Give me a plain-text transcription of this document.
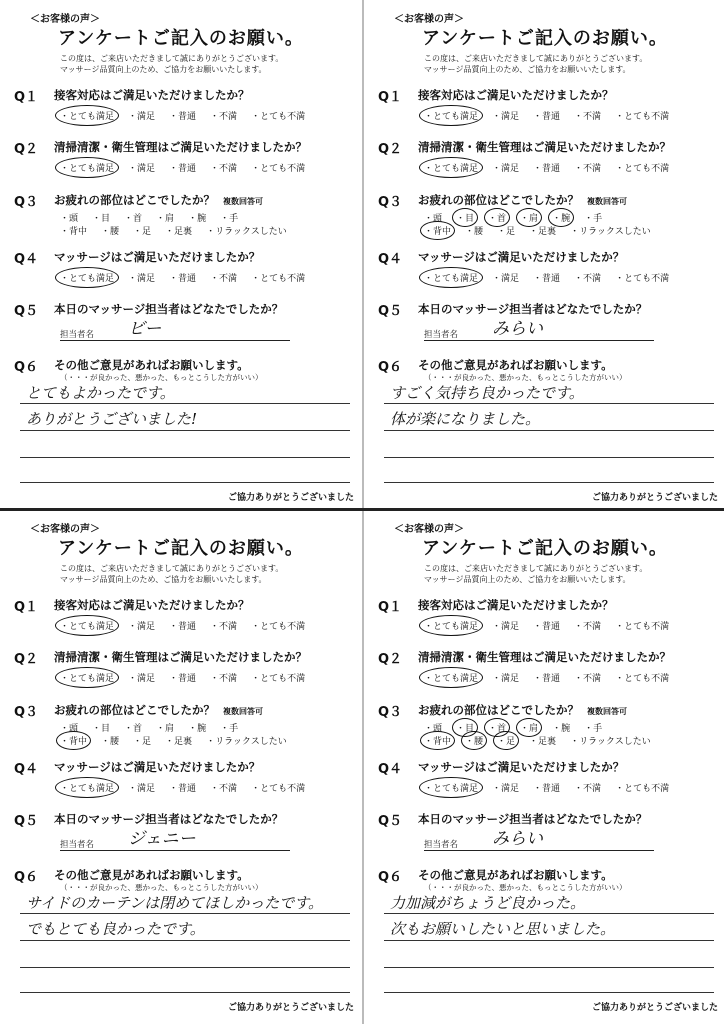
＜お客様の声＞
アンケートご記入のお願い。
この度は、ご来店いただきまして誠にありがとうございます。
マッサージ品質向上のため、ご協力をお願いいたします。
Q１ 接客対応はご満足いただけましたか？
・とても満足 ・満足 ・普通 ・不満 ・とても不満
Q２ 清掃清潔・衛生管理はご満足いただけましたか？
・とても満足 ・満足 ・普通 ・不満 ・とても不満
Q３ お疲れの部位はどこでしたか？ 複数回答可
・頭 ・目 ・首 ・肩 ・腕 ・手
・背中 ・腰 ・足 ・足裏 ・リラックスしたい
Q４ マッサージはご満足いただけましたか？
・とても満足 ・満足 ・普通 ・不満 ・とても不満
Q５ 本日のマッサージ担当者はどなたでしたか？
担当者名 ビー
Q６ その他ご意見があればお願いします。
（・・・が良かった、悪かった、もっとこうした方がいい）
とてもよかったです。
ありがとうございました!
ご協力ありがとうございました
＜お客様の声＞
アンケートご記入のお願い。
この度は、ご来店いただきまして誠にありがとうございます。
マッサージ品質向上のため、ご協力をお願いいたします。
Q１ 接客対応はご満足いただけましたか？
・とても満足 ・満足 ・普通 ・不満 ・とても不満
Q２ 清掃清潔・衛生管理はご満足いただけましたか？
・とても満足 ・満足 ・普通 ・不満 ・とても不満
Q３ お疲れの部位はどこでしたか？ 複数回答可
・頭 ・目 ・首 ・肩 ・腕 ・手
・背中 ・腰 ・足 ・足裏 ・リラックスしたい
Q４ マッサージはご満足いただけましたか？
・とても満足 ・満足 ・普通 ・不満 ・とても不満
Q５ 本日のマッサージ担当者はどなたでしたか？
担当者名 みらい
Q６ その他ご意見があればお願いします。
（・・・が良かった、悪かった、もっとこうした方がいい）
すごく気持ち良かったです。
体が楽になりました。
ご協力ありがとうございました
＜お客様の声＞
アンケートご記入のお願い。
この度は、ご来店いただきまして誠にありがとうございます。
マッサージ品質向上のため、ご協力をお願いいたします。
Q１ 接客対応はご満足いただけましたか？
・とても満足 ・満足 ・普通 ・不満 ・とても不満
Q２ 清掃清潔・衛生管理はご満足いただけましたか？
・とても満足 ・満足 ・普通 ・不満 ・とても不満
Q３ お疲れの部位はどこでしたか？ 複数回答可
・頭 ・目 ・首 ・肩 ・腕 ・手
・背中 ・腰 ・足 ・足裏 ・リラックスしたい
Q４ マッサージはご満足いただけましたか？
・とても満足 ・満足 ・普通 ・不満 ・とても不満
Q５ 本日のマッサージ担当者はどなたでしたか？
担当者名 ジェニー
Q６ その他ご意見があればお願いします。
（・・・が良かった、悪かった、もっとこうした方がいい）
サイドのカーテンは閉めてほしかったです。
でもとても良かったです。
ご協力ありがとうございました
＜お客様の声＞
アンケートご記入のお願い。
この度は、ご来店いただきまして誠にありがとうございます。
マッサージ品質向上のため、ご協力をお願いいたします。
Q１ 接客対応はご満足いただけましたか？
・とても満足 ・満足 ・普通 ・不満 ・とても不満
Q２ 清掃清潔・衛生管理はご満足いただけましたか？
・とても満足 ・満足 ・普通 ・不満 ・とても不満
Q３ お疲れの部位はどこでしたか？ 複数回答可
・頭 ・目 ・首 ・肩 ・腕 ・手
・背中 ・腰 ・足 ・足裏 ・リラックスしたい
Q４ マッサージはご満足いただけましたか？
・とても満足 ・満足 ・普通 ・不満 ・とても不満
Q５ 本日のマッサージ担当者はどなたでしたか？
担当者名 みらい
Q６ その他ご意見があればお願いします。
（・・・が良かった、悪かった、もっとこうした方がいい）
力加減がちょうど良かった。
次もお願いしたいと思いました。
ご協力ありがとうございました
